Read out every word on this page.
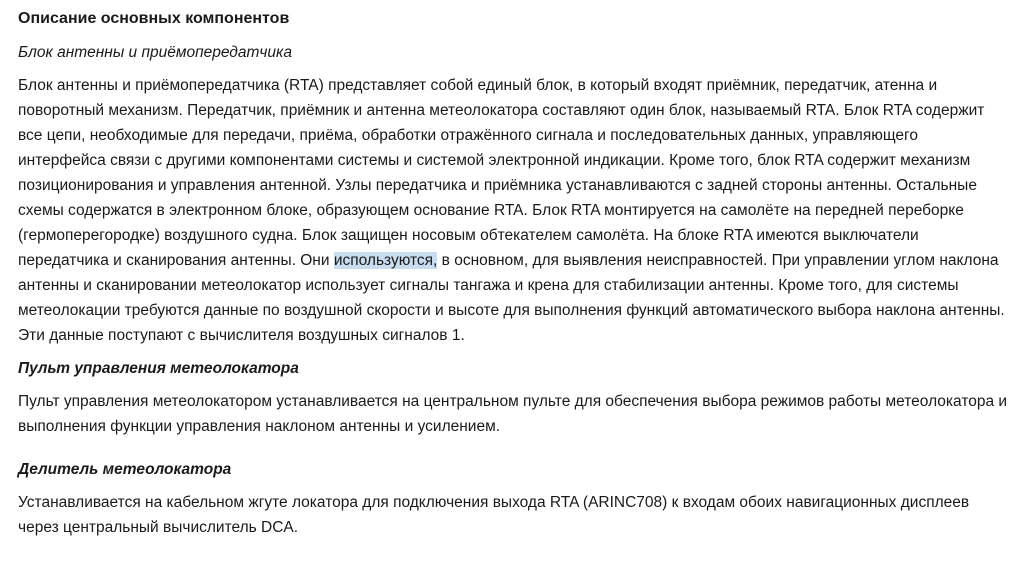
Описание основных компонентов
Блок антенны и приёмопередатчика

Блок антенны и приёмопередатчика (RTA) представляет собой единый блок, в который входят приёмник, передатчик, атенна и поворотный механизм. Передатчик, приёмник и антенна метеолокатора составляют один блок, называемый RTA. Блок RTA содержит все цепи, необходимые для передачи, приёма, обработки отражённого сигнала и последовательных данных, управляющего интерфейса связи с другими компонентами системы и системой электронной индикации. Кроме того, блок RTA содержит механизм позиционирования и управления антенной. Узлы передатчика и приёмника устанавливаются с задней стороны антенны. Остальные схемы содержатся в электронном блоке, образующем основание RTA. Блок RTA монтируется на самолёте на передней переборке (гермоперегородке) воздушного судна. Блок защищен носовым обтекателем самолёта. На блоке RTA имеются выключатели передатчика и сканирования антенны. Они используются, в основном, для выявления неисправностей. При управлении углом наклона антенны и сканировании метеолокатор использует сигналы тангажа и крена для стабилизации антенны. Кроме того, для системы метеолокации требуются данные по воздушной скорости и высоте для выполнения функций автоматического выбора наклона антенны. Эти данные поступают с вычислителя воздушных сигналов 1.

Пульт управления метеолокатора

Пульт управления метеолокатором устанавливается на центральном пульте для обеспечения выбора режимов работы метеолокатора и выполнения функции управления наклоном антенны и усилением.

Делитель метеолокатора

Устанавливается на кабельном жгуте локатора для подключения выхода RTA (ARINC708) к входам обоих навигационных дисплеев через центральный вычислитель DCA.
